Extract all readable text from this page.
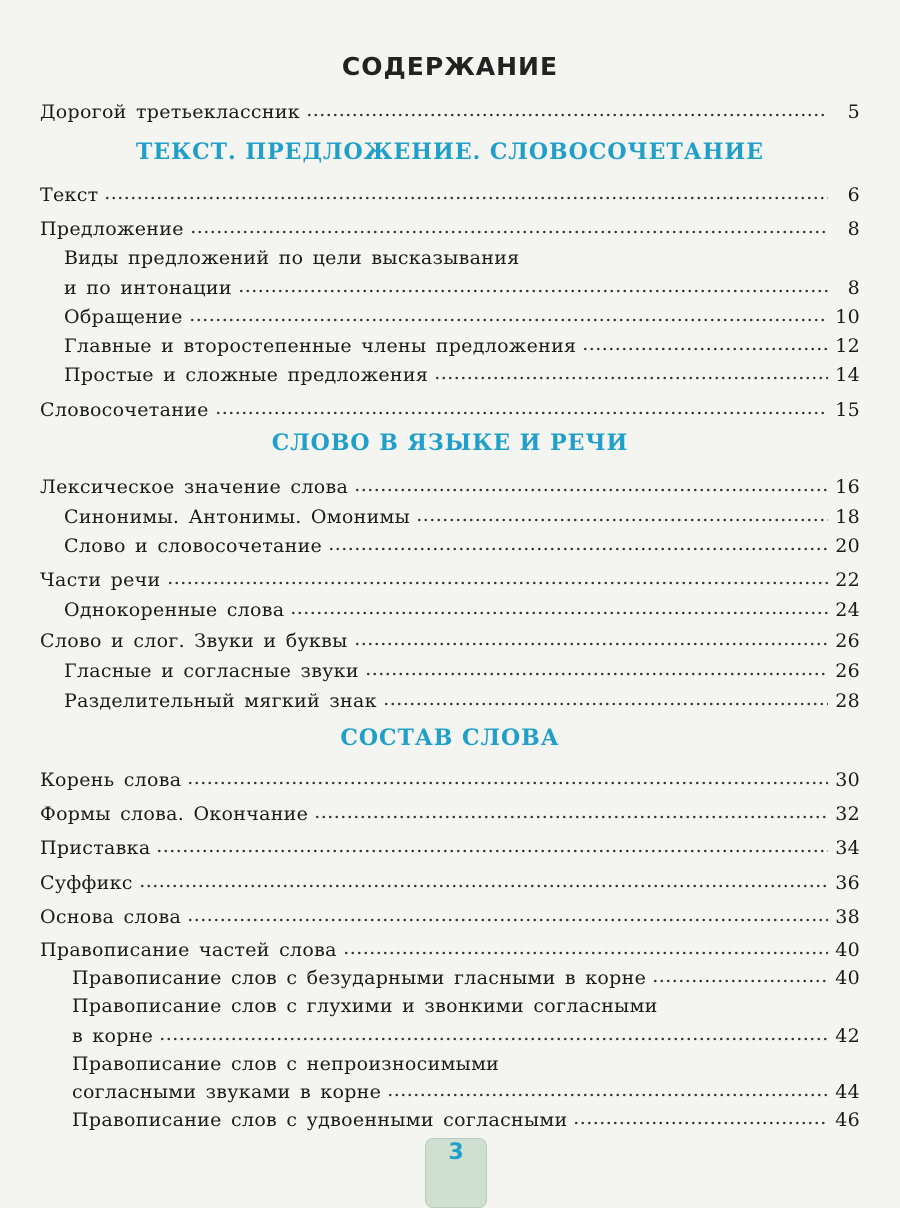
СОДЕРЖАНИЕ
Дорогой третьеклассник	5
ТЕКСТ. ПРЕДЛОЖЕНИЕ. СЛОВОСОЧЕТАНИЕ
Текст	6
Предложение	8
Виды предложений по цели высказывания
и по интонации	8
Обращение	10
Главные и второстепенные члены предложения	12
Простые и сложные предложения	14
Словосочетание	15
СЛОВО В ЯЗЫКЕ И РЕЧИ
Лексическое значение слова	16
Синонимы. Антонимы. Омонимы	18
Слово и словосочетание	20
Части речи	22
Однокоренные слова	24
Слово и слог. Звуки и буквы	26
Гласные и согласные звуки	26
Разделительный мягкий знак	28
СОСТАВ СЛОВА
Корень слова	30
Формы слова. Окончание	32
Приставка	34
Суффикс	36
Основа слова	38
Правописание частей слова	40
Правописание слов с безударными гласными в корне	40
Правописание слов с глухими и звонкими согласными
в корне	42
Правописание слов с непроизносимыми
согласными звуками в корне	44
Правописание слов с удвоенными согласными	46
3
